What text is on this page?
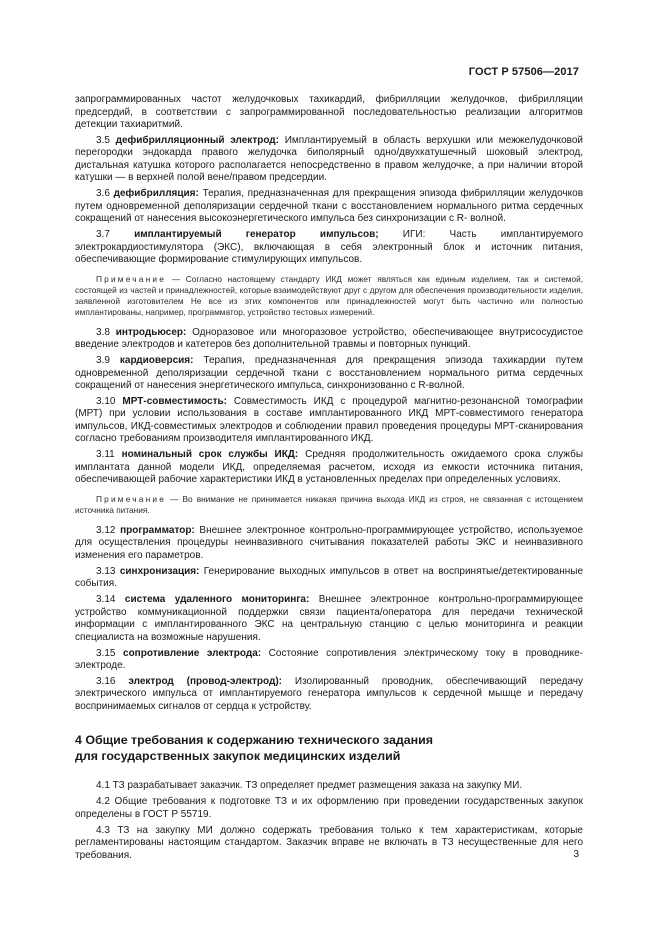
ГОСТ Р 57506—2017

запрограммированных частот желудочковых тахикардий, фибрилляции желудочков, фибрилляции предсердий, в соответствии с запрограммированной последовательностью реализации алгоритмов детекции тахиаритмий.

3.5 дефибрилляционный электрод: Имплантируемый в область верхушки или межжелудочковой перегородки эндокарда правого желудочка биполярный одно/двухкатушечный шоковый электрод, дистальная катушка которого располагается непосредственно в правом желудочке, а при наличии второй катушки — в верхней полой вене/правом предсердии.

3.6 дефибрилляция: Терапия, предназначенная для прекращения эпизода фибрилляции желудочков путем одновременной деполяризации сердечной ткани с восстановлением нормального ритма сердечных сокращений от нанесения высокоэнергетического импульса без синхронизации с R- волной.

3.7 имплантируемый генератор импульсов; ИГИ: Часть имплантируемого электрокардиостимулятора (ЭКС), включающая в себя электронный блок и источник питания, обеспечивающие формирование стимулирующих импульсов.

Примечание — Согласно настоящему стандарту ИКД может являться как единым изделием, так и системой, состоящей из частей и принадлежностей, которые взаимодействуют друг с другом для обеспечения производительности изделия, заявленной изготовителем Не все из этих компонентов или принадлежностей могут быть частично или полностью имплантированы, например, программатор, устройство тестовых измерений.

3.8 интродьюсер: Одноразовое или многоразовое устройство, обеспечивающее внутрисосудистое введение электродов и катетеров без дополнительной травмы и повторных пункций.

3.9 кардиоверсия: Терапия, предназначенная для прекращения эпизода тахикардии путем одновременной деполяризации сердечной ткани с восстановлением нормального ритма сердечных сокращений от нанесения энергетического импульса, синхронизованно с R-волной.

3.10 МРТ-совместимость: Совместимость ИКД с процедурой магнитно-резонансной томографии (МРТ) при условии использования в составе имплантированного ИКД МРТ-совместимого генератора импульсов, ИКД-совместимых электродов и соблюдении правил проведения процедуры МРТ-сканирования согласно требованиям производителя имплантированного ИКД.

3.11 номинальный срок службы ИКД: Средняя продолжительность ожидаемого срока службы имплантата данной модели ИКД, определяемая расчетом, исходя из емкости источника питания, обеспечивающей рабочие характеристики ИКД в установленных пределах при определенных условиях.

Примечание — Во внимание не принимается никакая причина выхода ИКД из строя, не связанная с истощением источника питания.

3.12 программатор: Внешнее электронное контрольно-программирующее устройство, используемое для осуществления процедуры неинвазивного считывания показателей работы ЭКС и неинвазивного изменения его параметров.

3.13 синхронизация: Генерирование выходных импульсов в ответ на воспринятые/детектированные события.

3.14 система удаленного мониторинга: Внешнее электронное контрольно-программирующее устройство коммуникационной поддержки связи пациента/оператора для передачи технической информации с имплантированного ЭКС на центральную станцию с целью мониторинга и реакции специалиста на возможные нарушения.

3.15 сопротивление электрода: Состояние сопротивления электрическому току в проводнике-электроде.

3.16 электрод (провод-электрод): Изолированный проводник, обеспечивающий передачу электрического импульса от имплантируемого генератора импульсов к сердечной мышце и передачу воспринимаемых сигналов от сердца к устройству.

4 Общие требования к содержанию технического задания
для государственных закупок медицинских изделий

4.1 ТЗ разрабатывает заказчик. ТЗ определяет предмет размещения заказа на закупку МИ.

4.2 Общие требования к подготовке ТЗ и их оформлению при проведении государственных закупок определены в ГОСТ Р 55719.

4.3 ТЗ на закупку МИ должно содержать требования только к тем характеристикам, которые регламентированы настоящим стандартом. Заказчик вправе не включать в ТЗ несущественные для него требования.	3
